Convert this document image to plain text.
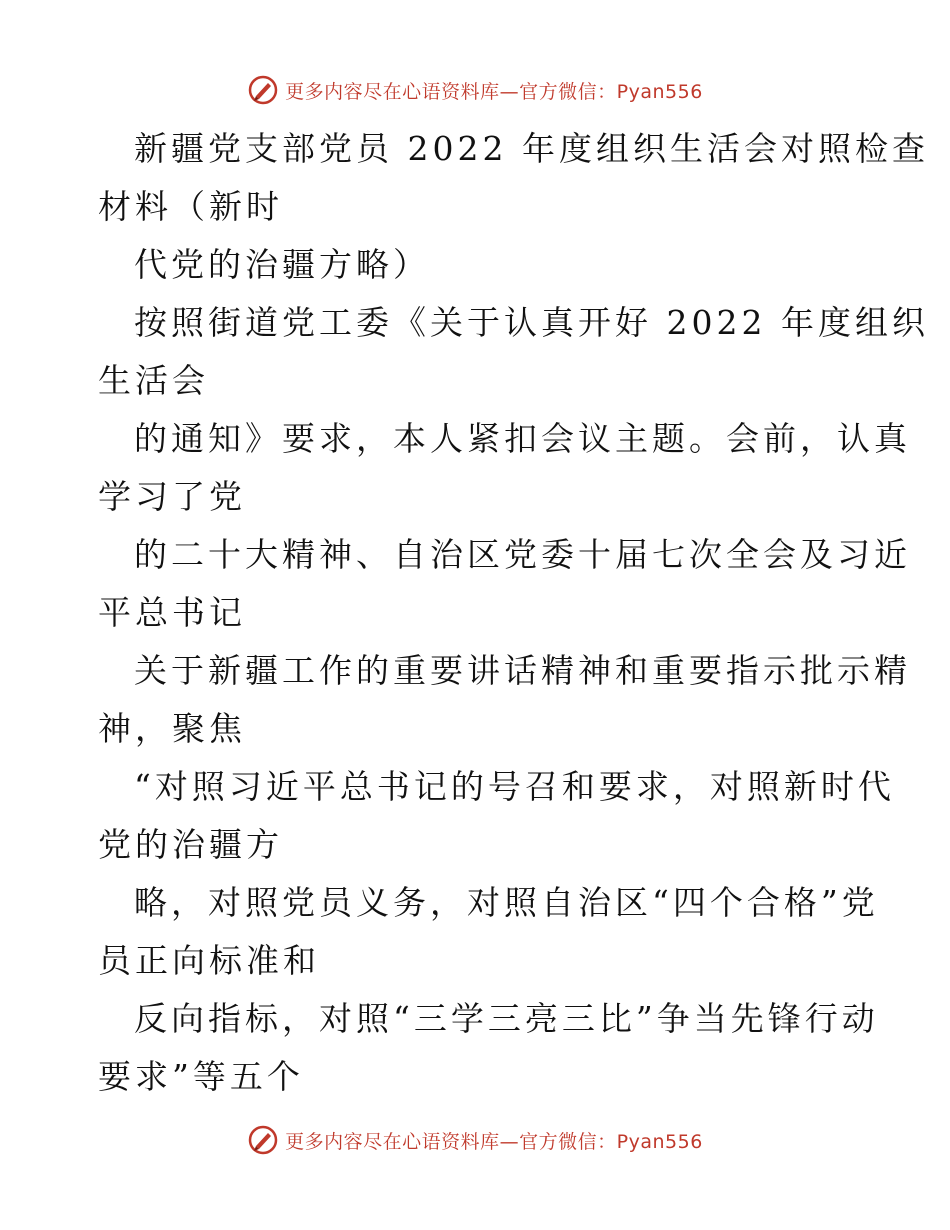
更多内容尽在心语资料库—官方微信：Pyan556
新疆党支部党员 2022 年度组织生活会对照检查
材料（新时
代党的治疆方略）
按照街道党工委《关于认真开好 2022 年度组织
生活会
的通知》要求，本人紧扣会议主题。会前，认真
学习了党
的二十大精神、自治区党委十届七次全会及习近
平总书记
关于新疆工作的重要讲话精神和重要指示批示精
神，聚焦
“对照习近平总书记的号召和要求，对照新时代
党的治疆方
略，对照党员义务，对照自治区“四个合格”党
员正向标准和
反向指标，对照“三学三亮三比”争当先锋行动
要求”等五个
更多内容尽在心语资料库—官方微信：Pyan556
